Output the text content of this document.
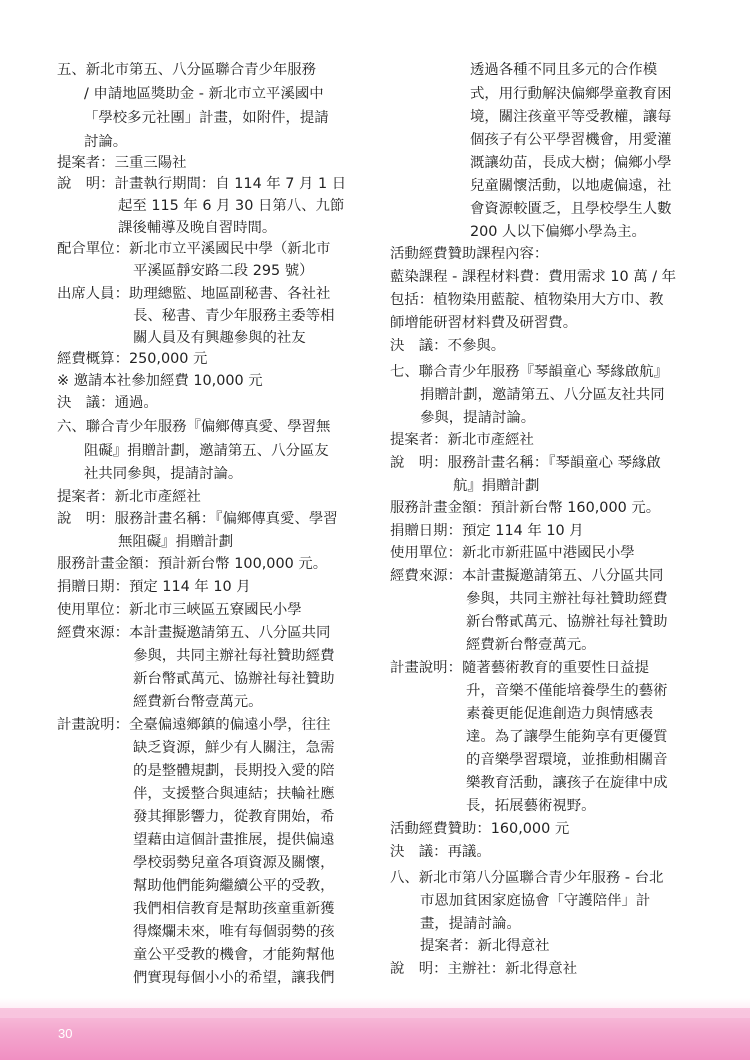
五、新北市第五、八分區聯合青少年服務
/ 申請地區獎助金 - 新北市立平溪國中
「學校多元社團」計畫，如附件，提請
討論。
提案者：三重三陽社
說　明：計畫執行期間：自 114 年 7 月 1 日
起至 115 年 6 月 30 日第八、九節
課後輔導及晚自習時間。
配合單位：新北市立平溪國民中學（新北市
平溪區靜安路二段 295 號）
出席人員：助理總監、地區副秘書、各社社
長、秘書、青少年服務主委等相
關人員及有興趣參與的社友
經費概算：250,000 元
※ 邀請本社參加經費 10,000 元
決　議：通過。
六、聯合青少年服務『偏鄉傳真愛、學習無
阻礙』捐贈計劃，邀請第五、八分區友
社共同參與，提請討論。
提案者：新北市產經社
說　明：服務計畫名稱：『偏鄉傳真愛、學習
無阻礙』捐贈計劃
服務計畫金額：預計新台幣 100,000 元。
捐贈日期：預定 114 年 10 月
使用單位：新北市三峽區五寮國民小學
經費來源：本計畫擬邀請第五、八分區共同
參與，共同主辦社每社贊助經費
新台幣貳萬元、協辦社每社贊助
經費新台幣壹萬元。
計畫說明：全臺偏遠鄉鎮的偏遠小學，往往
缺乏資源，鮮少有人關注，急需
的是整體規劃，長期投入愛的陪
伴，支援整合與連結；扶輪社應
發其揮影響力，從教育開始，希
望藉由這個計畫推展，提供偏遠
學校弱勢兒童各項資源及關懷，
幫助他們能夠繼續公平的受教，
我們相信教育是幫助孩童重新獲
得燦爛未來，唯有每個弱勢的孩
童公平受教的機會，才能夠幫他
們實現每個小小的希望，讓我們
透過各種不同且多元的合作模
式，用行動解決偏鄉學童教育困
境，關注孩童平等受教權，讓每
個孩子有公平學習機會，用愛灌
溉讓幼苗，長成大樹；偏鄉小學
兒童關懷活動，以地處偏遠，社
會資源較匱乏，且學校學生人數
200 人以下偏鄉小學為主。
活動經費贊助課程內容：
藍染課程 - 課程材料費：費用需求 10 萬 / 年
包括：植物染用藍靛、植物染用大方巾、教
師增能研習材料費及研習費。
決　議：不參與。
七、聯合青少年服務『琴韻童心 琴緣啟航』
捐贈計劃，邀請第五、八分區友社共同
參與，提請討論。
提案者：新北市產經社
說　明：服務計畫名稱：『琴韻童心 琴緣啟
航』捐贈計劃
服務計畫金額：預計新台幣 160,000 元。
捐贈日期：預定 114 年 10 月
使用單位：新北市新莊區中港國民小學
經費來源：本計畫擬邀請第五、八分區共同
參與，共同主辦社每社贊助經費
新台幣貳萬元、協辦社每社贊助
經費新台幣壹萬元。
計畫說明：隨著藝術教育的重要性日益提
升，音樂不僅能培養學生的藝術
素養更能促進創造力與情感表
達。為了讓學生能夠享有更優質
的音樂學習環境，並推動相關音
樂教育活動，讓孩子在旋律中成
長，拓展藝術視野。
活動經費贊助：160,000 元
決　議：再議。
八、新北市第八分區聯合青少年服務 - 台北
市恩加貧困家庭協會「守護陪伴」計
畫，提請討論。
提案者：新北得意社
說　明：主辦社：新北得意社
30
